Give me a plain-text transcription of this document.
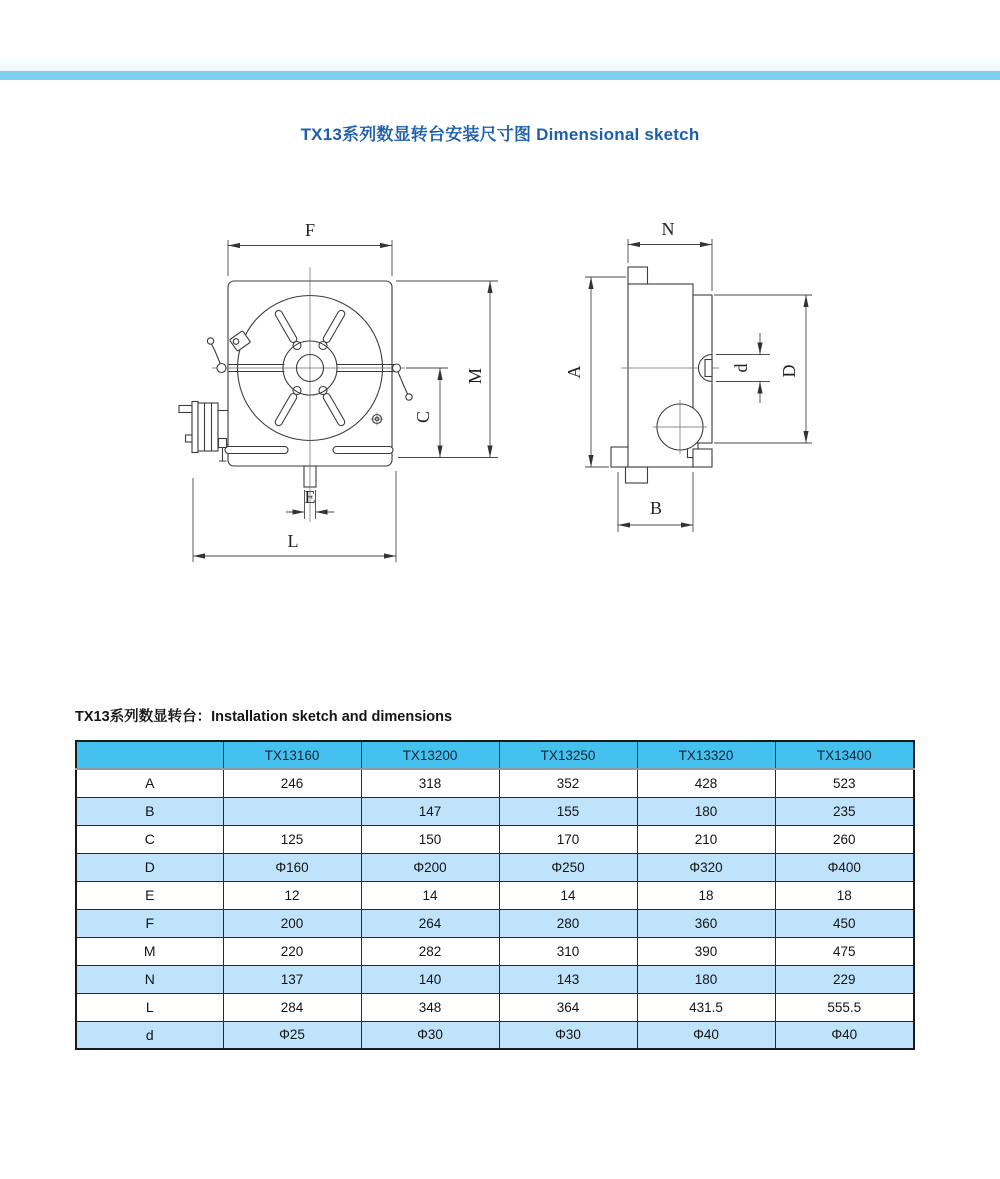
TX13系列数显转台安装尺寸图 Dimensional sketch
F
M
C
E
L
N
A	D
d
B
TX13系列数显转台：Installation sketch and dimensions
	TX13160	TX13200	TX13250	TX13320	TX13400
A	246	318	352	428	523
B		147	155	180	235
C	125	150	170	210	260
D	Φ160	Φ200	Φ250	Φ320	Φ400
E	12	14	14	18	18
F	200	264	280	360	450
M	220	282	310	390	475
N	137	140	143	180	229
L	284	348	364	431.5	555.5
d	Φ25	Φ30	Φ30	Φ40	Φ40
